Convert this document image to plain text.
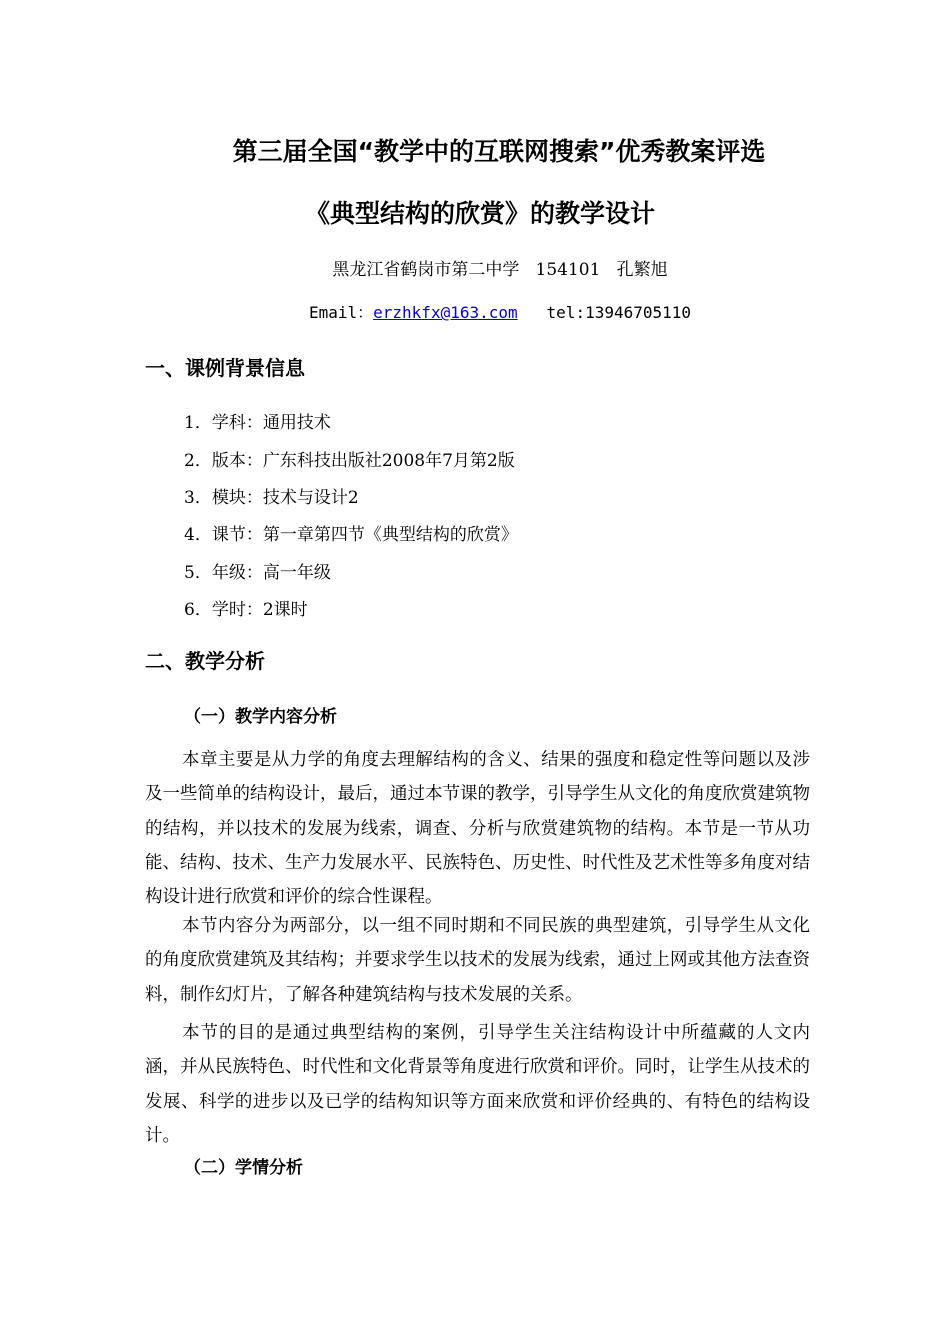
第三届全国“教学中的互联网搜索”优秀教案评选
《典型结构的欣赏》的教学设计
黑龙江省鹤岗市第二中学   154101   孔繁旭
Email：erzhkfx@163.com   tel:13946705110
一、课例背景信息
1．学科：通用技术
2．版本：广东科技出版社2008年7月第2版
3．模块：技术与设计2
4．课节：第一章第四节《典型结构的欣赏》
5．年级：高一年级
6．学时：2课时
二、教学分析
（一）教学内容分析

本章主要是从力学的角度去理解结构的含义、结果的强度和稳定性等问题以及涉及一些简单的结构设计，最后，通过本节课的教学，引导学生从文化的角度欣赏建筑物的结构，并以技术的发展为线索，调查、分析与欣赏建筑物的结构。本节是一节从功能、结构、技术、生产力发展水平、民族特色、历史性、时代性及艺术性等多角度对结构设计进行欣赏和评价的综合性课程。

本节内容分为两部分，以一组不同时期和不同民族的典型建筑，引导学生从文化的角度欣赏建筑及其结构；并要求学生以技术的发展为线索，通过上网或其他方法查资料，制作幻灯片，了解各种建筑结构与技术发展的关系。

本节的目的是通过典型结构的案例，引导学生关注结构设计中所蕴藏的人文内涵，并从民族特色、时代性和文化背景等角度进行欣赏和评价。同时，让学生从技术的发展、科学的进步以及已学的结构知识等方面来欣赏和评价经典的、有特色的结构设计。

（二）学情分析
